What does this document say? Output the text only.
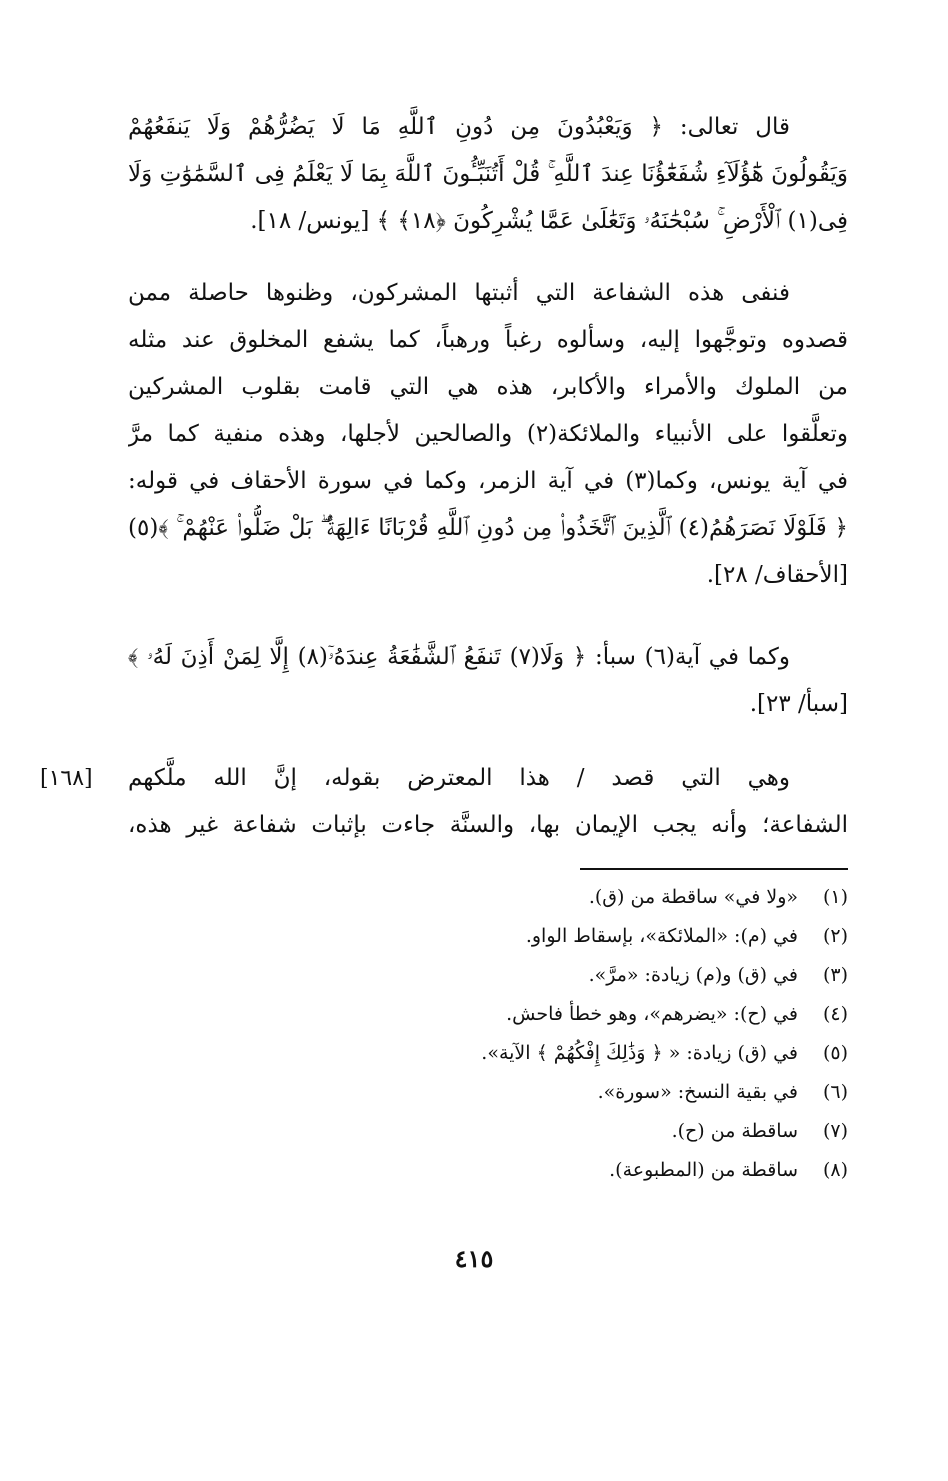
قال تعالى: ﴿ وَيَعْبُدُونَ مِن دُونِ ٱللَّهِ مَا لَا يَضُرُّهُمْ وَلَا يَنفَعُهُمْ
وَيَقُولُونَ هَٰٓؤُلَآءِ شُفَعَٰٓؤُنَا عِندَ ٱللَّهِ ۚ قُلْ أَتُنَبِّـُٔونَ ٱللَّهَ بِمَا لَا يَعْلَمُ فِى ٱلسَّمَٰوَٰتِ وَلَا
فِى(١) ٱلْأَرْضِ ۚ سُبْحَٰنَهُۥ وَتَعَٰلَىٰ عَمَّا يُشْرِكُونَ ﴿١٨﴾ ﴾ [يونس/ ١٨].
فنفى هذه الشفاعة التي أثبتها المشركون، وظنوها حاصلة ممن
قصدوه وتوجَّهوا إليه، وسألوه رغباً ورهباً، كما يشفع المخلوق عند مثله
من الملوك والأمراء والأكابر، هذه هي التي قامت بقلوب المشركين
وتعلَّقوا على الأنبياء والملائكة(٢) والصالحين لأجلها، وهذه منفية كما مرَّ
في آية يونس، وكما(٣) في آية الزمر، وكما في سورة الأحقاف في قوله:
﴿ فَلَوْلَا نَصَرَهُمُ(٤) ٱلَّذِينَ ٱتَّخَذُوا۟ مِن دُونِ ٱللَّهِ قُرْبَانًا ءَالِهَةًۢ ۖ بَلْ ضَلُّوا۟ عَنْهُمْ ۚ ﴾(٥)
[الأحقاف/ ٢٨].
وكما في آية(٦) سبأ: ﴿ وَلَا(٧) تَنفَعُ ٱلشَّفَٰعَةُ عِندَهُۥٓ(٨) إِلَّا لِمَنْ أَذِنَ لَهُۥ ﴾
[سبأ/ ٢٣].
وهي التي قصد / هذا المعترض بقوله، إنَّ الله ملَّكهم
الشفاعة؛ وأنه يجب الإيمان بها، والسنَّة جاءت بإثبات شفاعة غير هذه،
[١٦٨]
(١)
«ولا في» ساقطة من (ق).
(٢)
في (م): «الملائكة»، بإسقاط الواو.
(٣)
في (ق) و(م) زيادة: «مرَّ».
(٤)
في (ح): «يضرهم»، وهو خطأ فاحش.
(٥)
في (ق) زيادة: « ﴿ وَذَٰلِكَ إِفْكُهُمْ ﴾ الآية».
(٦)
في بقية النسخ: «سورة».
(٧)
ساقطة من (ح).
(٨)
ساقطة من (المطبوعة).
٤١٥
